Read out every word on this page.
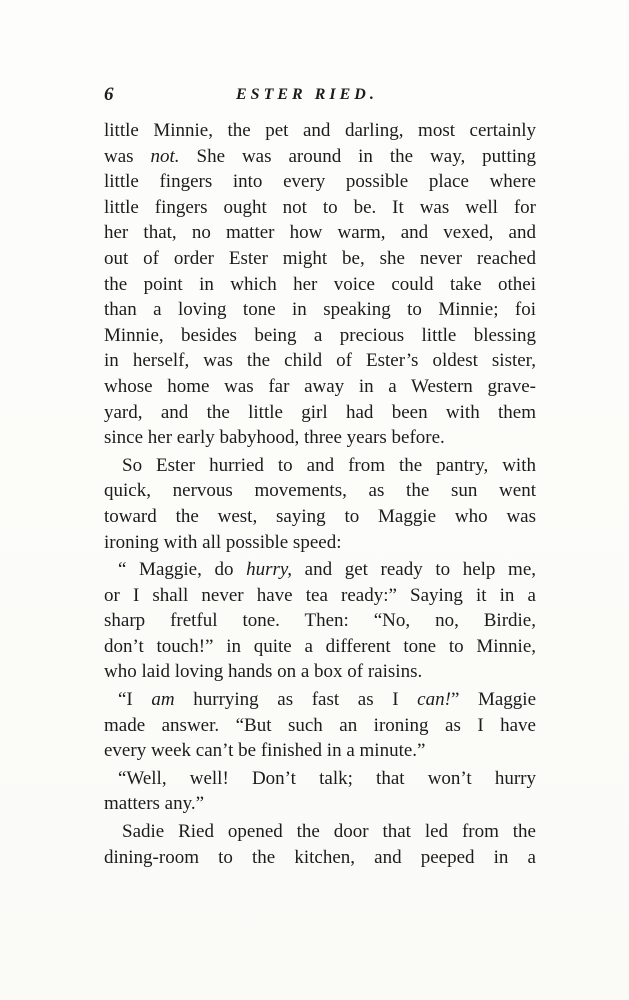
6	ESTER RIED.
little Minnie, the pet and darling, most certainly
was not. She was around in the way, putting
little fingers into every possible place where
little fingers ought not to be. It was well for
her that, no matter how warm, and vexed, and
out of order Ester might be, she never reached
the point in which her voice could take othei
than a loving tone in speaking to Minnie; foi
Minnie, besides being a precious little blessing
in herself, was the child of Ester’s oldest sister,
whose home was far away in a Western grave-
yard, and the little girl had been with them
since her early babyhood, three years before.
So Ester hurried to and from the pantry, with
quick, nervous movements, as the sun went
toward the west, saying to Maggie who was
ironing with all possible speed:
“ Maggie, do hurry, and get ready to help me,
or I shall never have tea ready:” Saying it in a
sharp fretful tone. Then: “No, no, Birdie,
don’t touch!” in quite a different tone to Minnie,
who laid loving hands on a box of raisins.
“I am hurrying as fast as I can!” Maggie
made answer. “But such an ironing as I have
every week can’t be finished in a minute.”
“Well, well! Don’t talk; that won’t hurry
matters any.”
Sadie Ried opened the door that led from the
dining-room to the kitchen, and peeped in a
